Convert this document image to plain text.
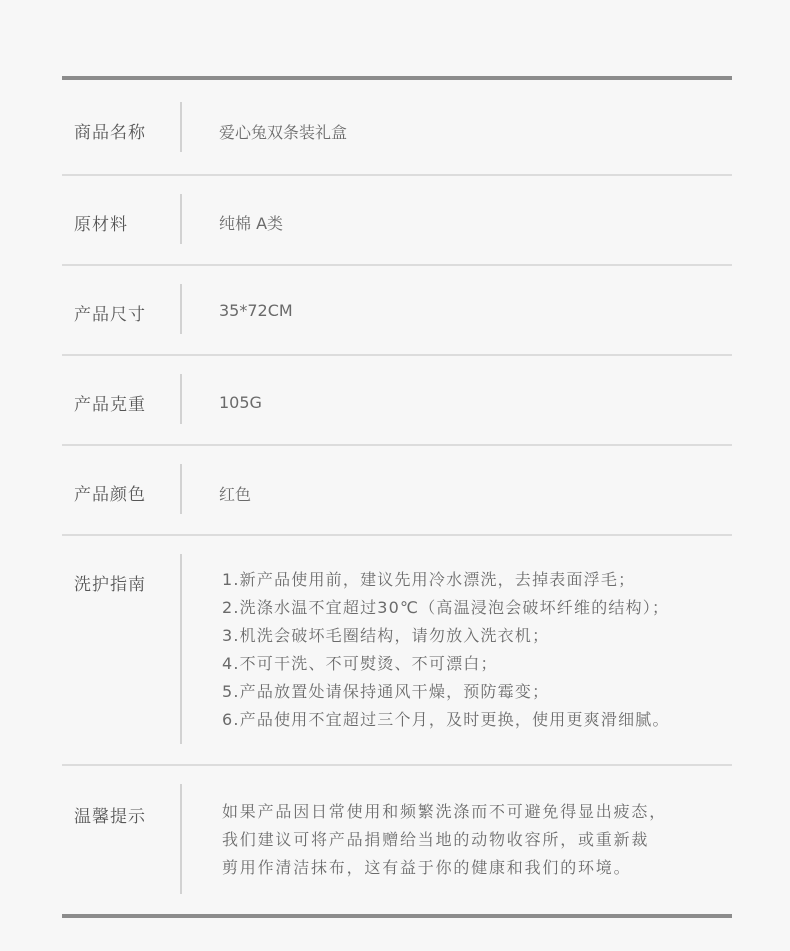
商品名称	爱心兔双条装礼盒
原材料	纯棉 A类
产品尺寸	35*72CM
产品克重	105G
产品颜色	红色
洗护指南	1.新产品使用前，建议先用冷水漂洗，去掉表面浮毛；
2.洗涤水温不宜超过30℃（高温浸泡会破坏纤维的结构）；
3.机洗会破坏毛圈结构，请勿放入洗衣机；
4.不可干洗、不可熨烫、不可漂白；
5.产品放置处请保持通风干燥，预防霉变；
6.产品使用不宜超过三个月，及时更换，使用更爽滑细腻。
温馨提示	如果产品因日常使用和频繁洗涤而不可避免得显出疲态，
我们建议可将产品捐赠给当地的动物收容所，或重新裁
剪用作清洁抹布，这有益于你的健康和我们的环境。
